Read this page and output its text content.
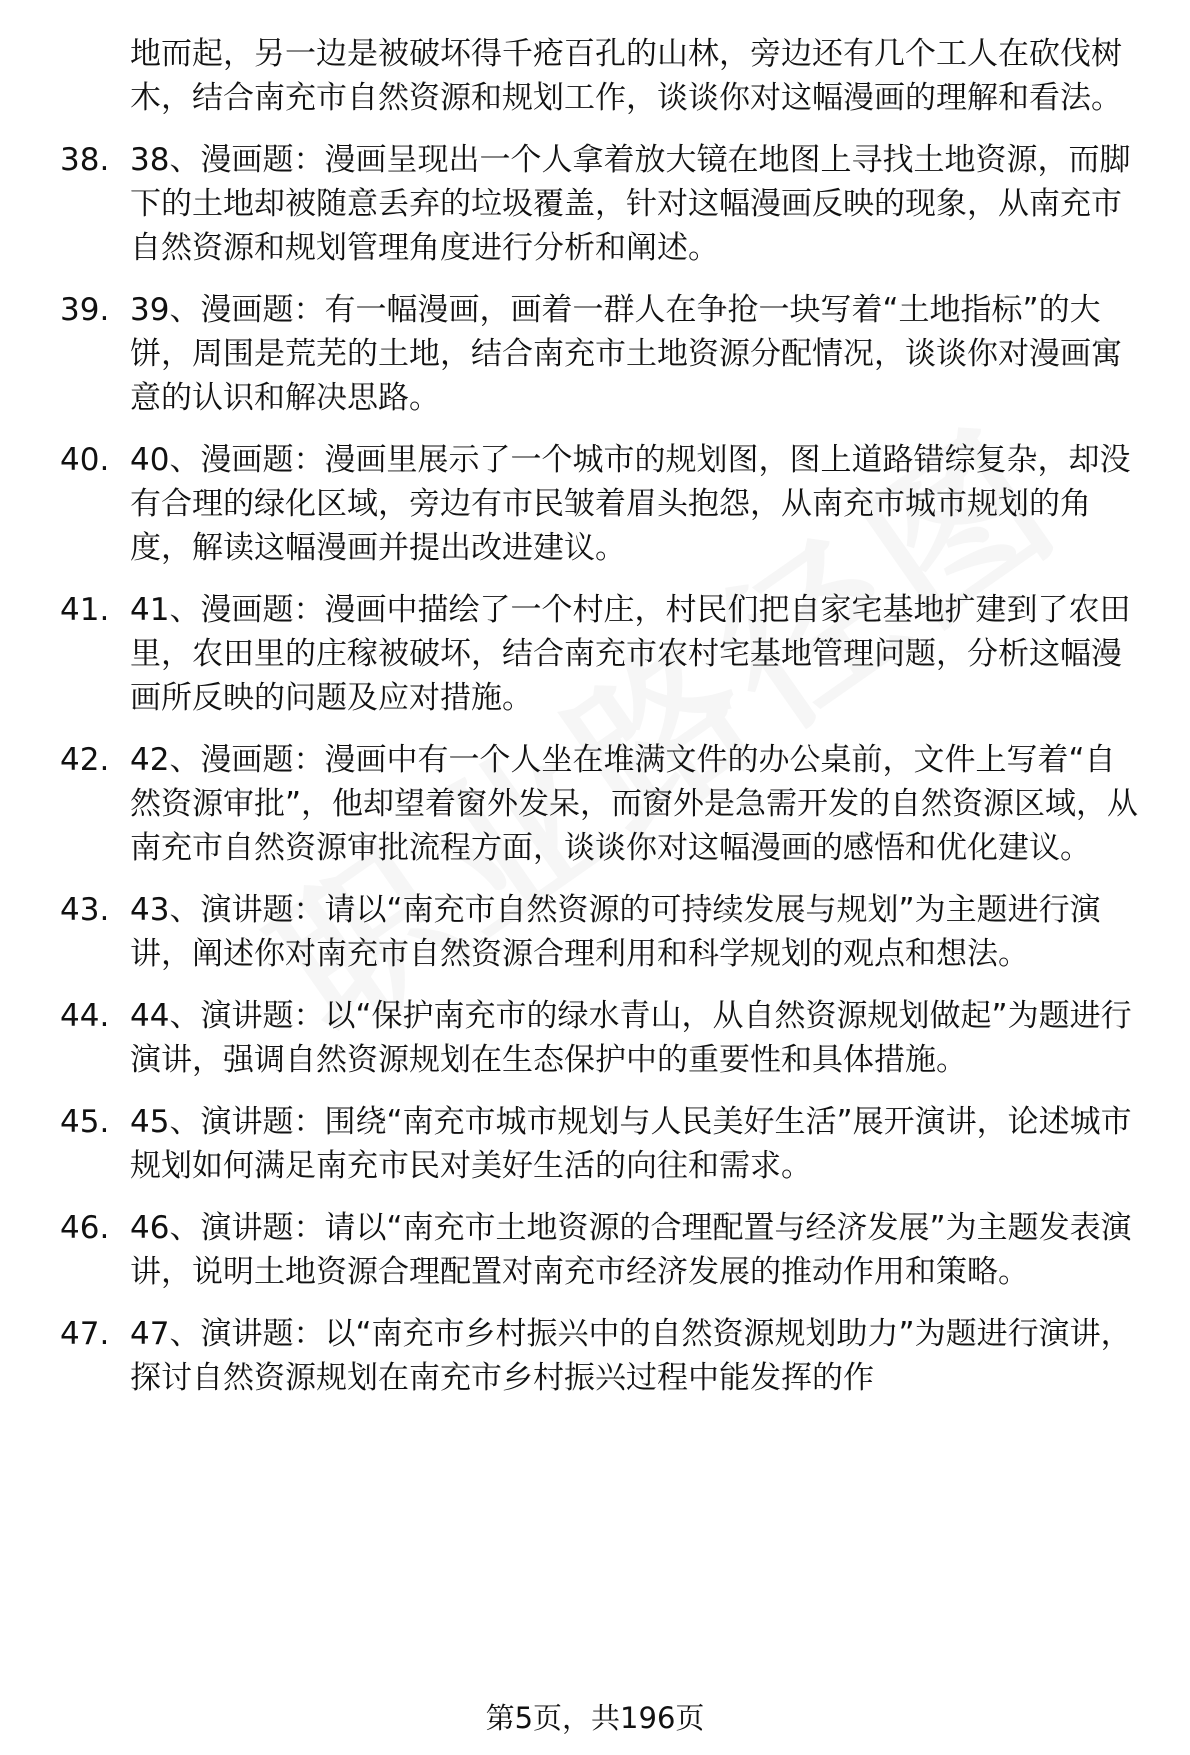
地而起，另一边是被破坏得千疮百孔的山林，旁边还有几个工人在砍伐树木，结合南充市自然资源和规划工作，谈谈你对这幅漫画的理解和看法。
38. 38、漫画题：漫画呈现出一个人拿着放大镜在地图上寻找土地资源，而脚下的土地却被随意丢弃的垃圾覆盖，针对这幅漫画反映的现象，从南充市自然资源和规划管理角度进行分析和阐述。
39. 39、漫画题：有一幅漫画，画着一群人在争抢一块写着“土地指标”的大饼，周围是荒芜的土地，结合南充市土地资源分配情况，谈谈你对漫画寓意的认识和解决思路。
40. 40、漫画题：漫画里展示了一个城市的规划图，图上道路错综复杂，却没有合理的绿化区域，旁边有市民皱着眉头抱怨，从南充市城市规划的角度，解读这幅漫画并提出改进建议。
41. 41、漫画题：漫画中描绘了一个村庄，村民们把自家宅基地扩建到了农田里，农田里的庄稼被破坏，结合南充市农村宅基地管理问题，分析这幅漫画所反映的问题及应对措施。
42. 42、漫画题：漫画中有一个人坐在堆满文件的办公桌前，文件上写着“自然资源审批”，他却望着窗外发呆，而窗外是急需开发的自然资源区域，从南充市自然资源审批流程方面，谈谈你对这幅漫画的感悟和优化建议。
43. 43、演讲题：请以“南充市自然资源的可持续发展与规划”为主题进行演讲，阐述你对南充市自然资源合理利用和科学规划的观点和想法。
44. 44、演讲题：以“保护南充市的绿水青山，从自然资源规划做起”为题进行演讲，强调自然资源规划在生态保护中的重要性和具体措施。
45. 45、演讲题：围绕“南充市城市规划与人民美好生活”展开演讲，论述城市规划如何满足南充市民对美好生活的向往和需求。
46. 46、演讲题：请以“南充市土地资源的合理配置与经济发展”为主题发表演讲，说明土地资源合理配置对南充市经济发展的推动作用和策略。
47. 47、演讲题：以“南充市乡村振兴中的自然资源规划助力”为题进行演讲，探讨自然资源规划在南充市乡村振兴过程中能发挥的作
第5页，共196页
